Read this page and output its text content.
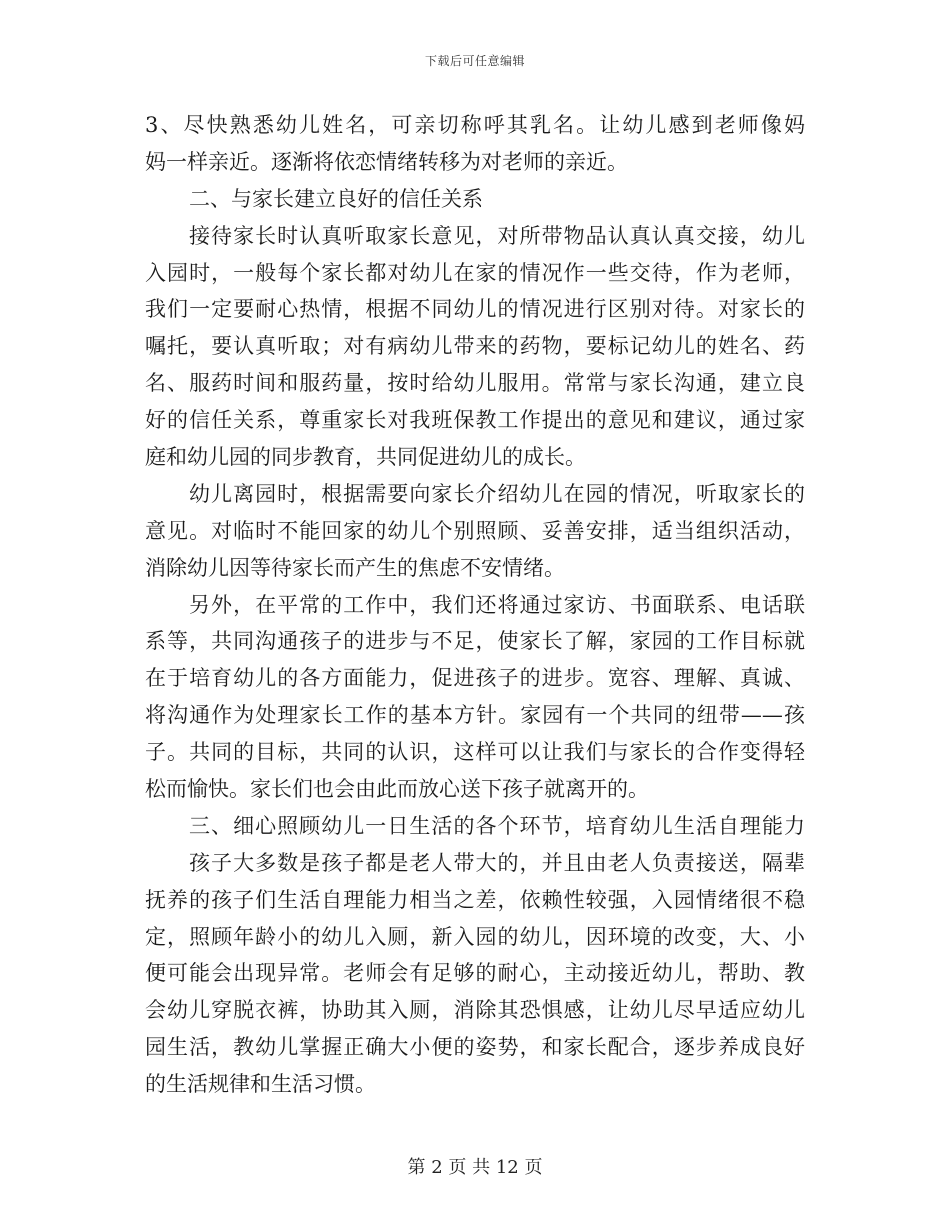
下载后可任意编辑
3、尽快熟悉幼儿姓名，可亲切称呼其乳名。让幼儿感到老师像妈
妈一样亲近。逐渐将依恋情绪转移为对老师的亲近。
二、与家长建立良好的信任关系
接待家长时认真听取家长意见，对所带物品认真认真交接，幼儿
入园时，一般每个家长都对幼儿在家的情况作一些交待，作为老师，
我们一定要耐心热情，根据不同幼儿的情况进行区别对待。对家长的
嘱托，要认真听取；对有病幼儿带来的药物，要标记幼儿的姓名、药
名、服药时间和服药量，按时给幼儿服用。常常与家长沟通，建立良
好的信任关系，尊重家长对我班保教工作提出的意见和建议，通过家
庭和幼儿园的同步教育，共同促进幼儿的成长。
幼儿离园时，根据需要向家长介绍幼儿在园的情况，听取家长的
意见。对临时不能回家的幼儿个别照顾、妥善安排，适当组织活动，
消除幼儿因等待家长而产生的焦虑不安情绪。
另外，在平常的工作中，我们还将通过家访、书面联系、电话联
系等，共同沟通孩子的进步与不足，使家长了解，家园的工作目标就
在于培育幼儿的各方面能力，促进孩子的进步。宽容、理解、真诚、
将沟通作为处理家长工作的基本方针。家园有一个共同的纽带——孩
子。共同的目标，共同的认识，这样可以让我们与家长的合作变得轻
松而愉快。家长们也会由此而放心送下孩子就离开的。
三、细心照顾幼儿一日生活的各个环节，培育幼儿生活自理能力
孩子大多数是孩子都是老人带大的，并且由老人负责接送，隔辈
抚养的孩子们生活自理能力相当之差，依赖性较强，入园情绪很不稳
定，照顾年龄小的幼儿入厕，新入园的幼儿，因环境的改变，大、小
便可能会出现异常。老师会有足够的耐心，主动接近幼儿，帮助、教
会幼儿穿脱衣裤，协助其入厕，消除其恐惧感，让幼儿尽早适应幼儿
园生活，教幼儿掌握正确大小便的姿势，和家长配合，逐步养成良好
的生活规律和生活习惯。
第 2 页 共 12 页
